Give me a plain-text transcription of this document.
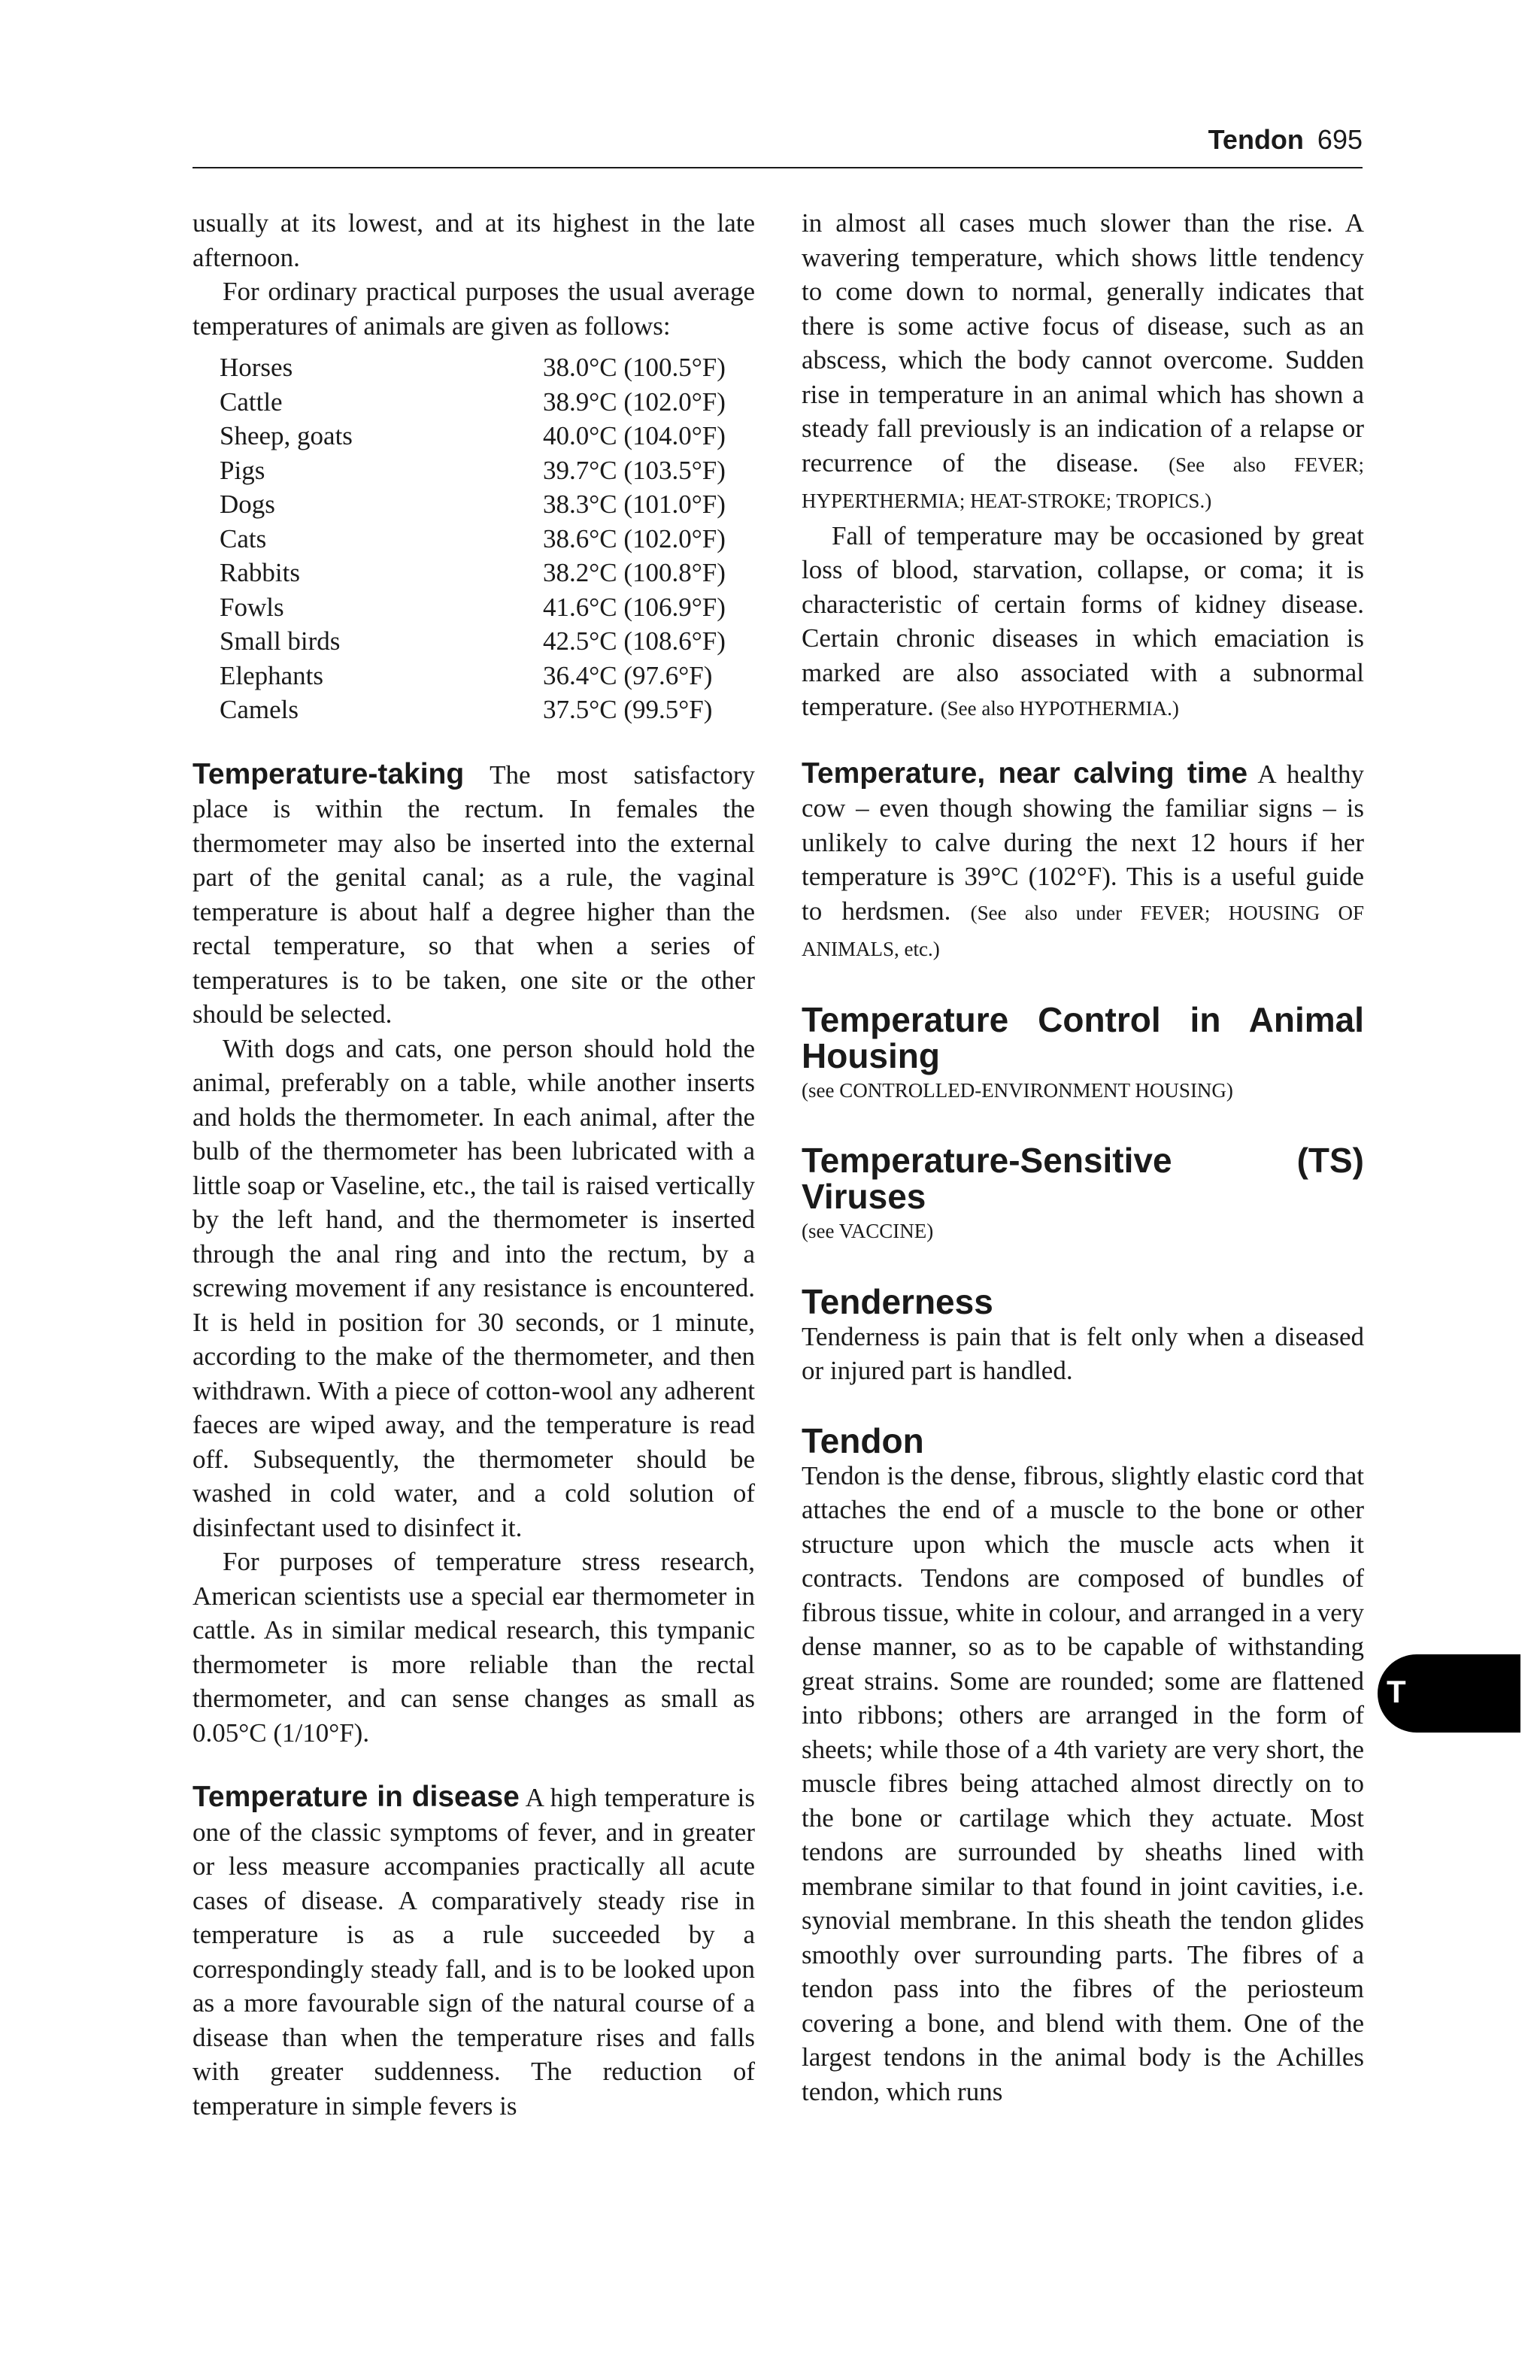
Tendon 695

usually at its lowest, and at its highest in the late afternoon.

For ordinary practical purposes the usual average temperatures of animals are given as follows:

Horses	38.0°C (100.5°F)
Cattle	38.9°C (102.0°F)
Sheep, goats	40.0°C (104.0°F)
Pigs	39.7°C (103.5°F)
Dogs	38.3°C (101.0°F)
Cats	38.6°C (102.0°F)
Rabbits	38.2°C (100.8°F)
Fowls	41.6°C (106.9°F)
Small birds	42.5°C (108.6°F)
Elephants	36.4°C (97.6°F)
Camels	37.5°C (99.5°F)

Temperature-taking The most satisfactory place is within the rectum. In females the thermometer may also be inserted into the external part of the genital canal; as a rule, the vaginal temperature is about half a degree higher than the rectal temperature, so that when a series of temperatures is to be taken, one site or the other should be selected.

With dogs and cats, one person should hold the animal, preferably on a table, while another inserts and holds the thermometer. In each animal, after the bulb of the thermometer has been lubricated with a little soap or Vaseline, etc., the tail is raised vertically by the left hand, and the thermometer is inserted through the anal ring and into the rectum, by a screwing movement if any resistance is encountered. It is held in position for 30 seconds, or 1 minute, according to the make of the thermometer, and then withdrawn. With a piece of cotton-wool any adherent faeces are wiped away, and the temperature is read off. Subsequently, the thermometer should be washed in cold water, and a cold solution of disinfectant used to disinfect it.

For purposes of temperature stress research, American scientists use a special ear thermometer in cattle. As in similar medical research, this tympanic thermometer is more reliable than the rectal thermometer, and can sense changes as small as 0.05°C (1/10°F).

Temperature in disease A high temperature is one of the classic symptoms of fever, and in greater or less measure accompanies practically all acute cases of disease. A comparatively steady rise in temperature is as a rule succeeded by a correspondingly steady fall, and is to be looked upon as a more favourable sign of the natural course of a disease than when the temperature rises and falls with greater suddenness. The reduction of temperature in simple fevers is

in almost all cases much slower than the rise. A wavering temperature, which shows little tendency to come down to normal, generally indicates that there is some active focus of disease, such as an abscess, which the body cannot overcome. Sudden rise in temperature in an animal which has shown a steady fall previously is an indication of a relapse or recurrence of the disease. (See also FEVER; HYPERTHERMIA; HEAT-STROKE; TROPICS.)

Fall of temperature may be occasioned by great loss of blood, starvation, collapse, or coma; it is characteristic of certain forms of kidney disease. Certain chronic diseases in which emaciation is marked are also associated with a subnormal temperature. (See also HYPOTHERMIA.)

Temperature, near calving time A healthy cow – even though showing the familiar signs – is unlikely to calve during the next 12 hours if her temperature is 39°C (102°F). This is a useful guide to herdsmen. (See also under FEVER; HOUSING OF ANIMALS, etc.)

Temperature Control in Animal Housing

(see CONTROLLED-ENVIRONMENT HOUSING)

Temperature-Sensitive (TS) Viruses

(see VACCINE)

Tenderness

Tenderness is pain that is felt only when a diseased or injured part is handled.

Tendon

Tendon is the dense, fibrous, slightly elastic cord that attaches the end of a muscle to the bone or other structure upon which the muscle acts when it contracts. Tendons are composed of bundles of fibrous tissue, white in colour, and arranged in a very dense manner, so as to be capable of withstanding great strains. Some are rounded; some are flattened into ribbons; others are arranged in the form of sheets; while those of a 4th variety are very short, the muscle fibres being attached almost directly on to the bone or cartilage which they actuate. Most tendons are surrounded by sheaths lined with membrane similar to that found in joint cavities, i.e. synovial membrane. In this sheath the tendon glides smoothly over surrounding parts. The fibres of a tendon pass into the fibres of the periosteum covering a bone, and blend with them. One of the largest tendons in the animal body is the Achilles tendon, which runs

T
